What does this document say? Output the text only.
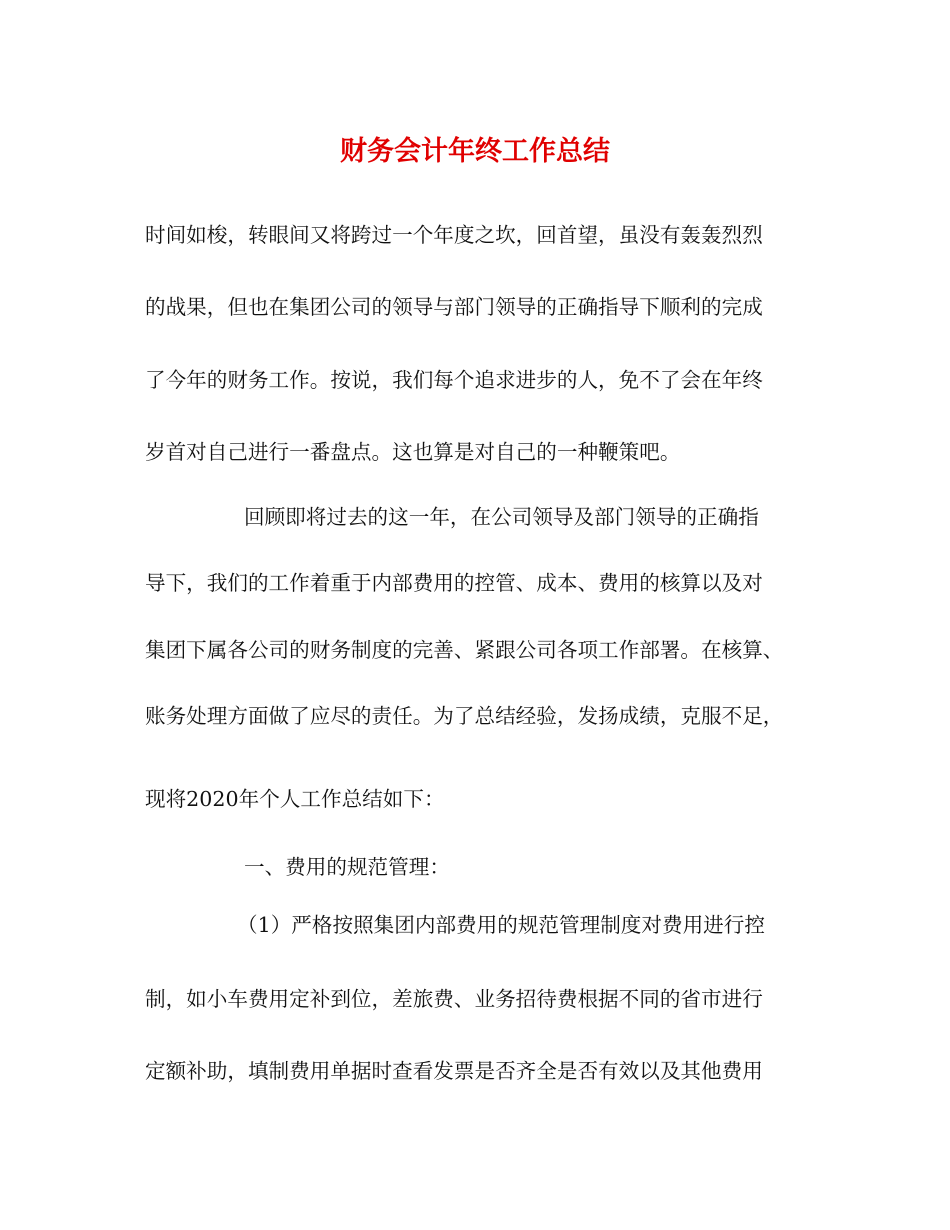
财务会计年终工作总结
时间如梭，转眼间又将跨过一个年度之坎，回首望，虽没有轰轰烈烈
的战果，但也在集团公司的领导与部门领导的正确指导下顺利的完成
了今年的财务工作。按说，我们每个追求进步的人，免不了会在年终
岁首对自己进行一番盘点。这也算是对自己的一种鞭策吧。
回顾即将过去的这一年，在公司领导及部门领导的正确指
导下，我们的工作着重于内部费用的控管、成本、费用的核算以及对
集团下属各公司的财务制度的完善、紧跟公司各项工作部署。在核算、
账务处理方面做了应尽的责任。为了总结经验，发扬成绩，克服不足，
现将2020年个人工作总结如下：
一、费用的规范管理：
（1）严格按照集团内部费用的规范管理制度对费用进行控
制，如小车费用定补到位，差旅费、业务招待费根据不同的省市进行
定额补助，填制费用单据时查看发票是否齐全是否有效以及其他费用
